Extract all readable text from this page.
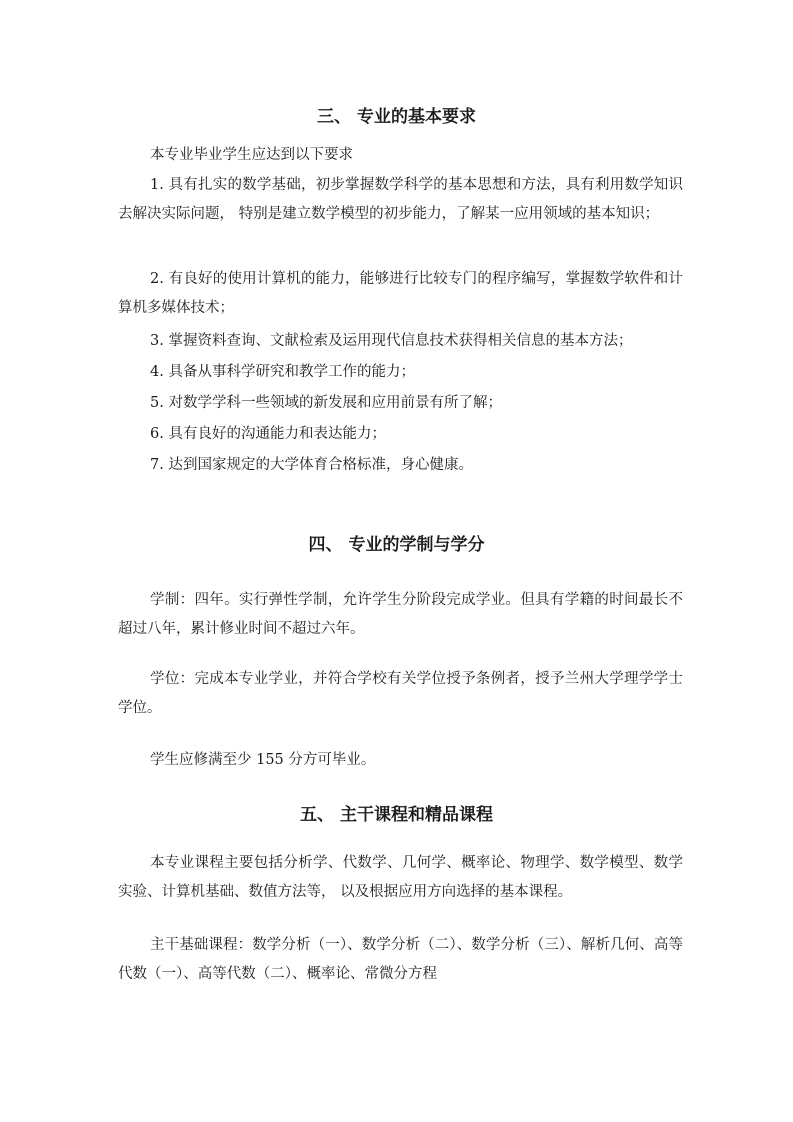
三、 专业的基本要求

本专业毕业学生应达到以下要求

1. 具有扎实的数学基础，初步掌握数学科学的基本思想和方法，具有利用数学知识去解决实际问题， 特别是建立数学模型的初步能力，了解某一应用领域的基本知识；

2. 有良好的使用计算机的能力，能够进行比较专门的程序编写，掌握数学软件和计算机多媒体技术；

3. 掌握资料查询、文献检索及运用现代信息技术获得相关信息的基本方法；

4. 具备从事科学研究和教学工作的能力；

5. 对数学学科一些领域的新发展和应用前景有所了解；

6. 具有良好的沟通能力和表达能力；

7. 达到国家规定的大学体育合格标准，身心健康。

四、 专业的学制与学分

学制：四年。实行弹性学制，允许学生分阶段完成学业。但具有学籍的时间最长不超过八年，累计修业时间不超过六年。

学位：完成本专业学业，并符合学校有关学位授予条例者，授予兰州大学理学学士学位。

学生应修满至少 155 分方可毕业。

五、 主干课程和精品课程

本专业课程主要包括分析学、代数学、几何学、概率论、物理学、数学模型、数学实验、计算机基础、数值方法等， 以及根据应用方向选择的基本课程。

主干基础课程：数学分析（一）、数学分析（二）、数学分析（三）、解析几何、高等代数（一）、高等代数（二）、概率论、常微分方程
